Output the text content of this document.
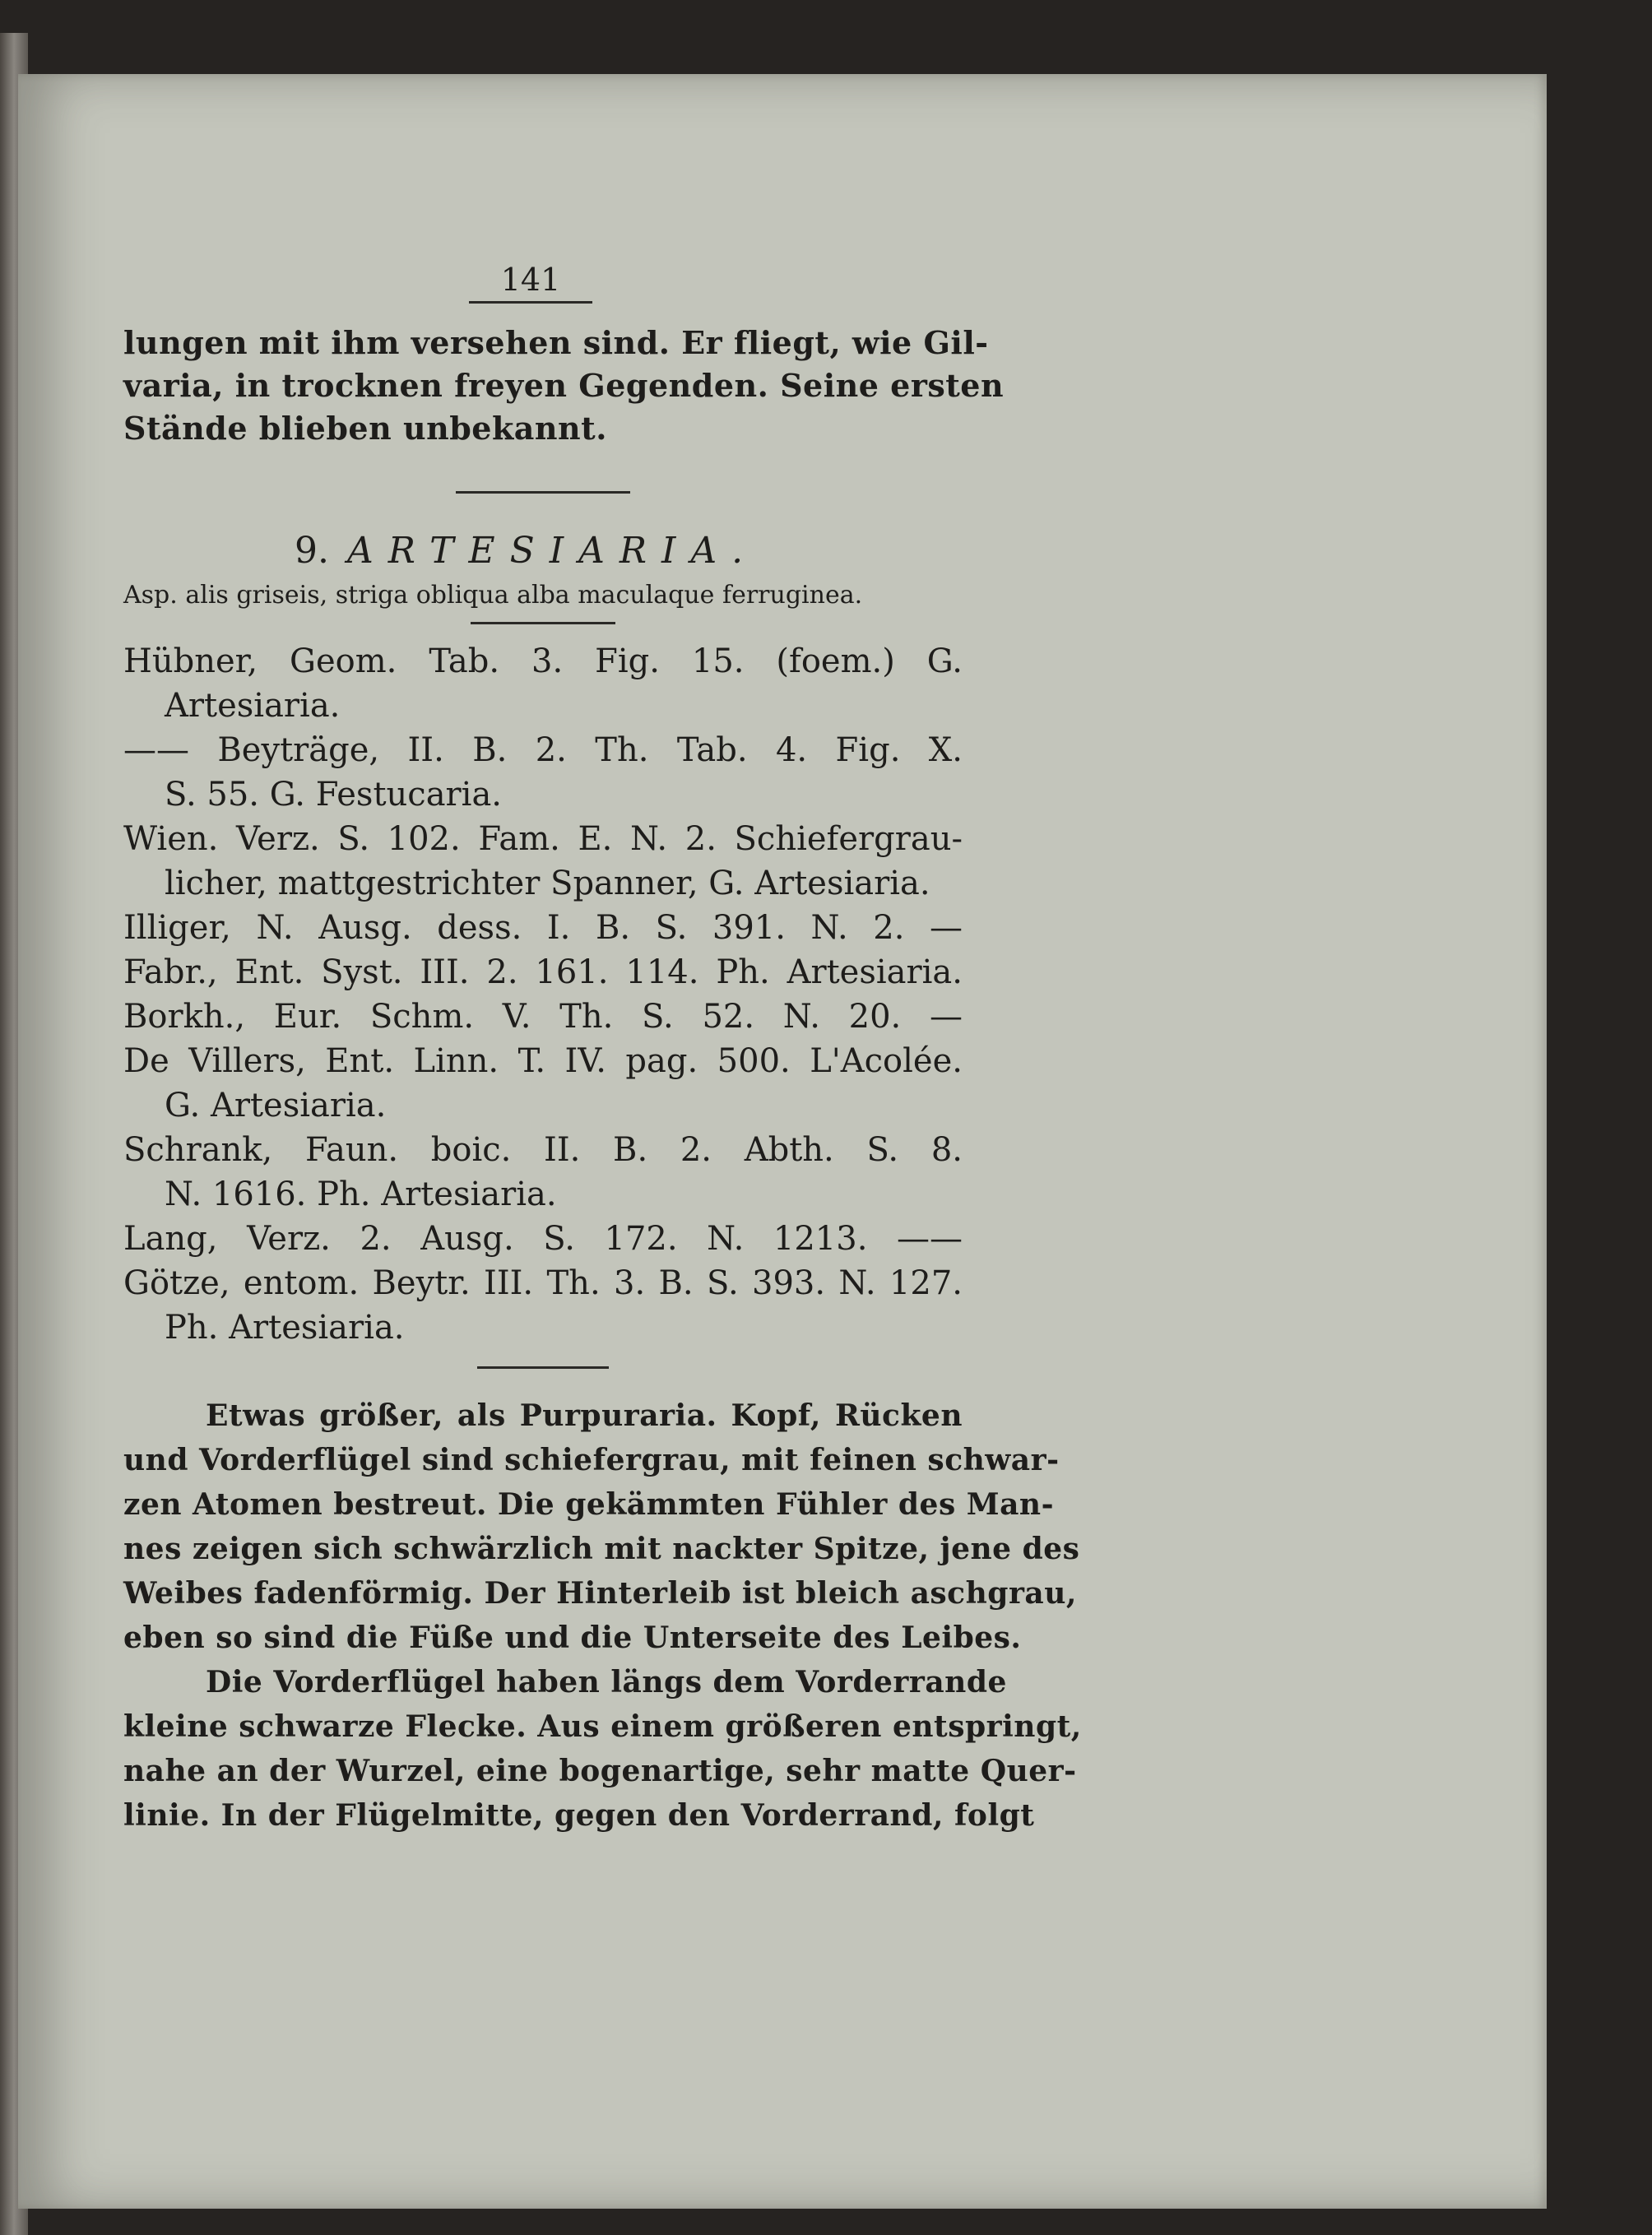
141
lungen mit ihm versehen sind. Er fliegt, wie Gil-
varia, in trocknen freyen Gegenden. Seine ersten
Stände blieben unbekannt.
9. ARTESIARIA.
Asp. alis griseis, striga obliqua alba maculaque ferruginea.
Hübner, Geom. Tab. 3. Fig. 15. (foem.) G.
Artesiaria.
—— Beyträge, II. B. 2. Th. Tab. 4. Fig. X.
S. 55. G. Festucaria.
Wien. Verz. S. 102. Fam. E. N. 2. Schiefergrau-
licher, mattgestrichter Spanner, G. Artesiaria.
Illiger, N. Ausg. dess. I. B. S. 391. N. 2. —
Fabr., Ent. Syst. III. 2. 161. 114. Ph. Artesiaria.
Borkh., Eur. Schm. V. Th. S. 52. N. 20. —
De Villers, Ent. Linn. T. IV. pag. 500. L'Acolée.
G. Artesiaria.
Schrank, Faun. boic. II. B. 2. Abth. S. 8.
N. 1616. Ph. Artesiaria.
Lang, Verz. 2. Ausg. S. 172. N. 1213. ——
Götze, entom. Beytr. III. Th. 3. B. S. 393. N. 127.
Ph. Artesiaria.
Etwas größer, als Purpuraria. Kopf, Rücken
und Vorderflügel sind schiefergrau, mit feinen schwar-
zen Atomen bestreut. Die gekämmten Fühler des Man-
nes zeigen sich schwärzlich mit nackter Spitze, jene des
Weibes fadenförmig. Der Hinterleib ist bleich aschgrau,
eben so sind die Füße und die Unterseite des Leibes.
Die Vorderflügel haben längs dem Vorderrande
kleine schwarze Flecke. Aus einem größeren entspringt,
nahe an der Wurzel, eine bogenartige, sehr matte Quer-
linie. In der Flügelmitte, gegen den Vorderrand, folgt
